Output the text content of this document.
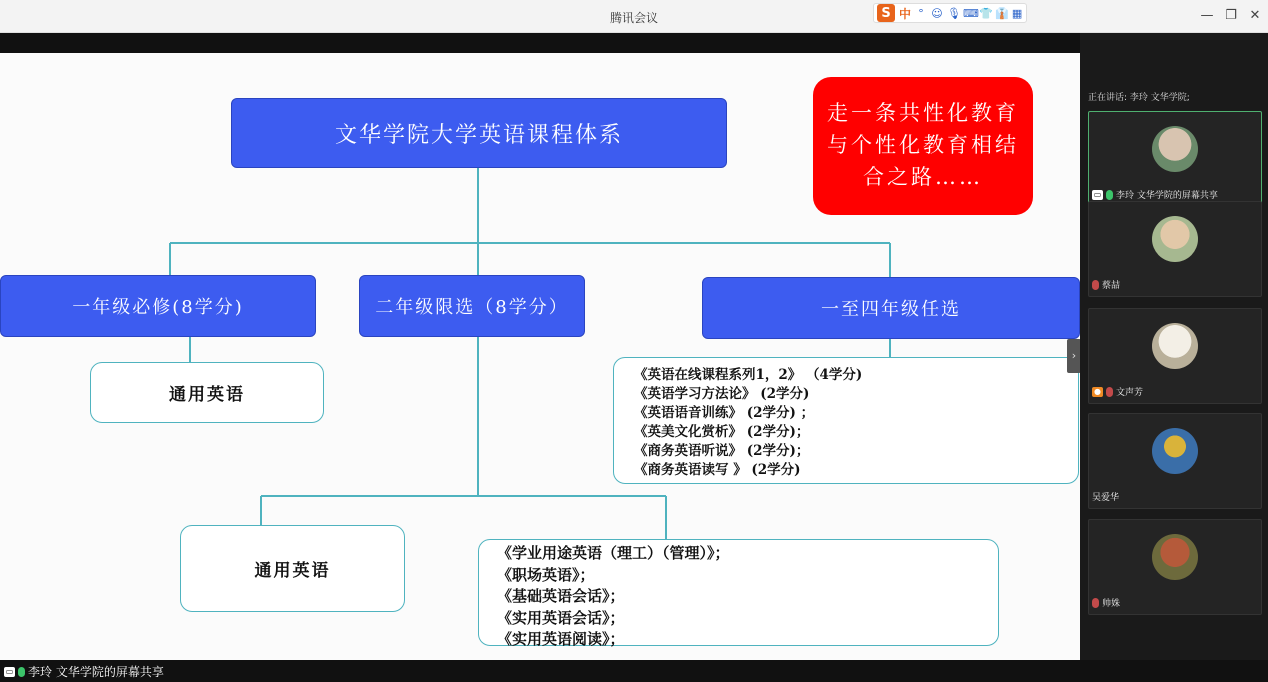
腾讯会议	S 中 ° ☺ 🎙 ⌨ 👕 👔 ▦	— ❐ ✕
文华学院大学英语课程体系
走一条共性化教育与个性化教育相结合之路……
一年级必修(8学分)	二年级限选（8学分）	一至四年级任选
通用英语
《英语在线课程系列1，2》 （4学分)
《英语学习方法论》 (2学分)
《英语语音训练》 (2学分) ；
《英美文化赏析》 (2学分)；
《商务英语听说》 (2学分)；
《商务英语读写 》 (2学分)
通用英语
《学业用途英语（理工）（管理）》；
《职场英语》；
《基础英语会话》；
《实用英语会话》；
《实用英语阅读》；
›
正在讲话: 李玲 文华学院;
▭ 李玲 文华学院的屏幕共享
蔡喆
● 文声芳
吴爱华
帅姝
▭ 李玲 文华学院的屏幕共享
